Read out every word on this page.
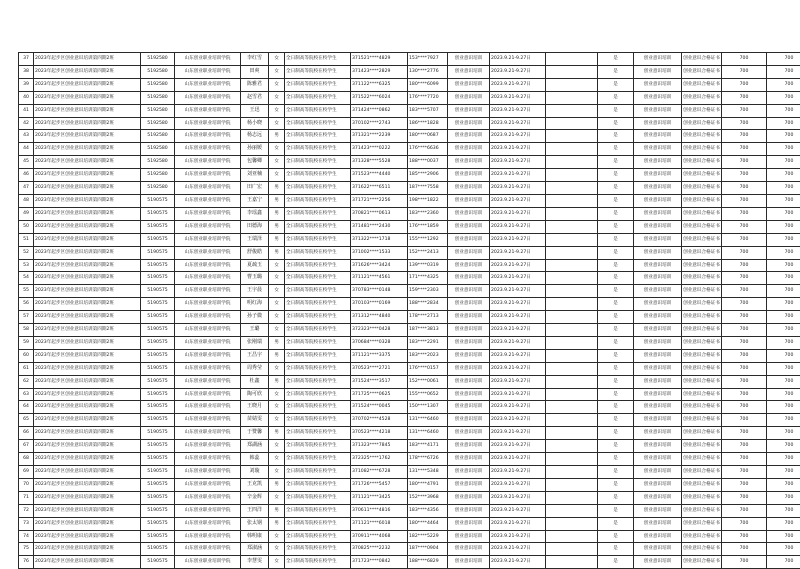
37	2023年起步区创业意识培训第四期2班	5192580	山东创业职业培训学院	李红雪	女	全日制高等院校在校学生	371521****4829	153****7927	创业意识培训	2023.9.21-9.27日		是	创业意识培训	创业意识合格证书	700	700
38	2023年起步区创业意识培训第四期2班	5192580	山东创业职业培训学院	田爽	女	全日制高等院校在校学生	371423****2829	130****2776	创业意识培训	2023.9.21-9.27日		是	创业意识培训	创业意识合格证书	700	700
39	2023年起步区创业意识培训第四期2班	5192580	山东创业职业培训学院	陈雅君	女	全日制高等院校在校学生	371122****6325	180****6099	创业意识培训	2023.9.21-9.27日		是	创业意识培训	创业意识合格证书	700	700
40	2023年起步区创业意识培训第四期2班	5192580	山东创业职业培训学院	赵雪君	女	全日制高等院校在校学生	371522****6024	176****7720	创业意识培训	2023.9.21-9.27日		是	创业意识培训	创业意识合格证书	700	700
41	2023年起步区创业意识培训第四期2班	5192580	山东创业职业培训学院	王迅	女	全日制高等院校在校学生	371424****0862	183****5707	创业意识培训	2023.9.21-9.27日		是	创业意识培训	创业意识合格证书	700	700
42	2023年起步区创业意识培训第四期2班	5192580	山东创业职业培训学院	杨小晓	女	全日制高等院校在校学生	370102****2743	186****1828	创业意识培训	2023.9.21-9.27日		是	创业意识培训	创业意识合格证书	700	700
43	2023年起步区创业意识培训第四期2班	5192580	山东创业职业培训学院	杨志远	男	全日制高等院校在校学生	371321****2239	180****0687	创业意识培训	2023.9.21-9.27日		是	创业意识培训	创业意识合格证书	700	700
44	2023年起步区创业意识培训第四期2班	5192580	山东创业职业培训学院	孙丽媛	女	全日制高等院校在校学生	371423****0222	176****6636	创业意识培训	2023.9.21-9.27日		是	创业意识培训	创业意识合格证书	700	700
45	2023年起步区创业意识培训第四期2班	5192580	山东创业职业培训学院	包馨卿	女	全日制高等院校在校学生	371328****5528	188****0037	创业意识培训	2023.9.21-9.27日		是	创业意识培训	创业意识合格证书	700	700
46	2023年起步区创业意识培训第四期2班	5192580	山东创业职业培训学院	刘亚楠	女	全日制高等院校在校学生	371523****4440	185****2906	创业意识培训	2023.9.21-9.27日		是	创业意识培训	创业意识合格证书	700	700
47	2023年起步区创业意识培训第四期2班	5192580	山东创业职业培训学院	田广宏	男	全日制高等院校在校学生	371622****6511	187****7558	创业意识培训	2023.9.21-9.27日		是	创业意识培训	创业意识合格证书	700	700
48	2023年起步区创业意识培训第四期2班	5190575	山东创业职业培训学院	王嘉宁	男	全日制高等院校在校学生	371721****2256	198****1822	创业意识培训	2023.9.21-9.27日		是	创业意识培训	创业意识合格证书	700	700
49	2023年起步区创业意识培训第四期2班	5190575	山东创业职业培训学院	李瑶鑫	男	全日制高等院校在校学生	370821****0613	183****2360	创业意识培训	2023.9.21-9.27日		是	创业意识培训	创业意识合格证书	700	700
50	2023年起步区创业意识培训第四期2班	5190575	山东创业职业培训学院	田德海	男	全日制高等院校在校学生	371481****2430	176****1859	创业意识培训	2023.9.21-9.27日		是	创业意识培训	创业意识合格证书	700	700
51	2023年起步区创业意识培训第四期2班	5190575	山东创业职业培训学院	王瑞泽	男	全日制高等院校在校学生	371322****1718	155****1292	创业意识培训	2023.9.21-9.27日		是	创业意识培训	创业意识合格证书	700	700
52	2023年起步区创业意识培训第四期2班	5190575	山东创业职业培训学院	舒俊皓	男	全日制高等院校在校学生	371002****1533	152****2413	创业意识培训	2023.9.21-9.27日		是	创业意识培训	创业意识合格证书	700	700
53	2023年起步区创业意识培训第四期2班	5190575	山东创业职业培训学院	夏疏玉	女	全日制高等院校在校学生	371626****3424	139****0319	创业意识培训	2023.9.21-9.27日		是	创业意识培训	创业意识合格证书	700	700
54	2023年起步区创业意识培训第四期2班	5190575	山东创业职业培训学院	曹玉璐	女	全日制高等院校在校学生	371121****4561	171****4325	创业意识培训	2023.9.21-9.27日		是	创业意识培训	创业意识合格证书	700	700
55	2023年起步区创业意识培训第四期2班	5190575	山东创业职业培训学院	王宇晨	女	全日制高等院校在校学生	370783****0148	159****2303	创业意识培训	2023.9.21-9.27日		是	创业意识培训	创业意识合格证书	700	700
56	2023年起步区创业意识培训第四期2班	5190575	山东创业职业培训学院	明红海	女	全日制高等院校在校学生	370103****0169	188****2834	创业意识培训	2023.9.21-9.27日		是	创业意识培训	创业意识合格证书	700	700
57	2023年起步区创业意识培训第四期2班	5190575	山东创业职业培训学院	孙子微	女	全日制高等院校在校学生	371312****4840	178****2713	创业意识培训	2023.9.21-9.27日		是	创业意识培训	创业意识合格证书	700	700
58	2023年起步区创业意识培训第四期2班	5190575	山东创业职业培训学院	王璐	女	全日制高等院校在校学生	372323****0428	187****3813	创业意识培训	2023.9.21-9.27日		是	创业意识培训	创业意识合格证书	700	700
59	2023年起步区创业意识培训第四期2班	5190575	山东创业职业培训学院	张刚瑞	男	全日制高等院校在校学生	370684****0328	183****2291	创业意识培训	2023.9.21-9.27日		是	创业意识培训	创业意识合格证书	700	700
60	2023年起步区创业意识培训第四期2班	5190575	山东创业职业培训学院	王昌宇	男	全日制高等院校在校学生	371121****3375	183****2023	创业意识培训	2023.9.21-9.27日		是	创业意识培训	创业意识合格证书	700	700
61	2023年起步区创业意识培训第四期2班	5190575	山东创业职业培训学院	周秀莹	女	全日制高等院校在校学生	370523****2721	176****0157	创业意识培训	2023.9.21-9.27日		是	创业意识培训	创业意识合格证书	700	700
62	2023年起步区创业意识培训第四期2班	5190575	山东创业职业培训学院	杜鑫	男	全日制高等院校在校学生	371524****3517	152****0061	创业意识培训	2023.9.21-9.27日		是	创业意识培训	创业意识合格证书	700	700
63	2023年起步区创业意识培训第四期2班	5190575	山东创业职业培训学院	陶可欣	女	全日制高等院校在校学生	371725****0625	155****0652	创业意识培训	2023.9.21-9.27日		是	创业意识培训	创业意识合格证书	700	700
64	2023年起步区创业意识培训第四期2班	5190575	山东创业职业培训学院	王晓月	女	全日制高等院校在校学生	371524****0045	150****1307	创业意识培训	2023.9.21-9.27日		是	创业意识培训	创业意识合格证书	700	700
65	2023年起步区创业意识培训第四期2班	5190575	山东创业职业培训学院	苗婧雯	女	全日制高等院校在校学生	370702****4528	131****6460	创业意识培训	2023.9.21-9.27日		是	创业意识培训	创业意识合格证书	700	700
66	2023年起步区创业意识培训第四期2班	5190575	山东创业职业培训学院	于赞馨	男	全日制高等院校在校学生	370523****4218	131****6460	创业意识培训	2023.9.21-9.27日		是	创业意识培训	创业意识合格证书	700	700
67	2023年起步区创业意识培训第四期2班	5190575	山东创业职业培训学院	郑湖涵	女	全日制高等院校在校学生	371323****7845	183****4171	创业意识培训	2023.9.21-9.27日		是	创业意识培训	创业意识合格证书	700	700
68	2023年起步区创业意识培训第四期2班	5190575	山东创业职业培训学院	韩蕊	女	全日制高等院校在校学生	372325****1762	178****6726	创业意识培训	2023.9.21-9.27日		是	创业意识培训	创业意识合格证书	700	700
69	2023年起步区创业意识培训第四期2班	5190575	山东创业职业培训学院	刘璇	女	全日制高等院校在校学生	371082****6728	131****5348	创业意识培训	2023.9.21-9.27日		是	创业意识培训	创业意识合格证书	700	700
70	2023年起步区创业意识培训第四期2班	5190575	山东创业职业培训学院	王克凯	男	全日制高等院校在校学生	371726****5457	180****4791	创业意识培训	2023.9.21-9.27日		是	创业意识培训	创业意识合格证书	700	700
71	2023年起步区创业意识培训第四期2班	5190575	山东创业职业培训学院	辛金辉	女	全日制高等院校在校学生	371121****3425	152****3968	创业意识培训	2023.9.21-9.27日		是	创业意识培训	创业意识合格证书	700	700
72	2023年起步区创业意识培训第四期2班	5190575	山东创业职业培训学院	王四洋	男	全日制高等院校在校学生	370611****4816	183****4356	创业意识培训	2023.9.21-9.27日		是	创业意识培训	创业意识合格证书	700	700
73	2023年起步区创业意识培训第四期2班	5190575	山东创业职业培训学院	张太钢	男	全日制高等院校在校学生	371121****6018	180****4464	创业意识培训	2023.9.21-9.27日		是	创业意识培训	创业意识合格证书	700	700
74	2023年起步区创业意识培训第四期2班	5190575	山东创业职业培训学院	韩明康	女	全日制高等院校在校学生	370911****4068	182****5229	创业意识培训	2023.9.21-9.27日		是	创业意识培训	创业意识合格证书	700	700
75	2023年起步区创业意识培训第四期2班	5190575	山东创业职业培训学院	郑淑涵	女	全日制高等院校在校学生	370825****2232	187****0904	创业意识培训	2023.9.21-9.27日		是	创业意识培训	创业意识合格证书	700	700
76	2023年起步区创业意识培训第四期2班	5190575	山东创业职业培训学院	李慧雯	女	全日制高等院校在校学生	371723****0842	188****6829	创业意识培训	2023.9.21-9.27日		是	创业意识培训	创业意识合格证书	700	700
